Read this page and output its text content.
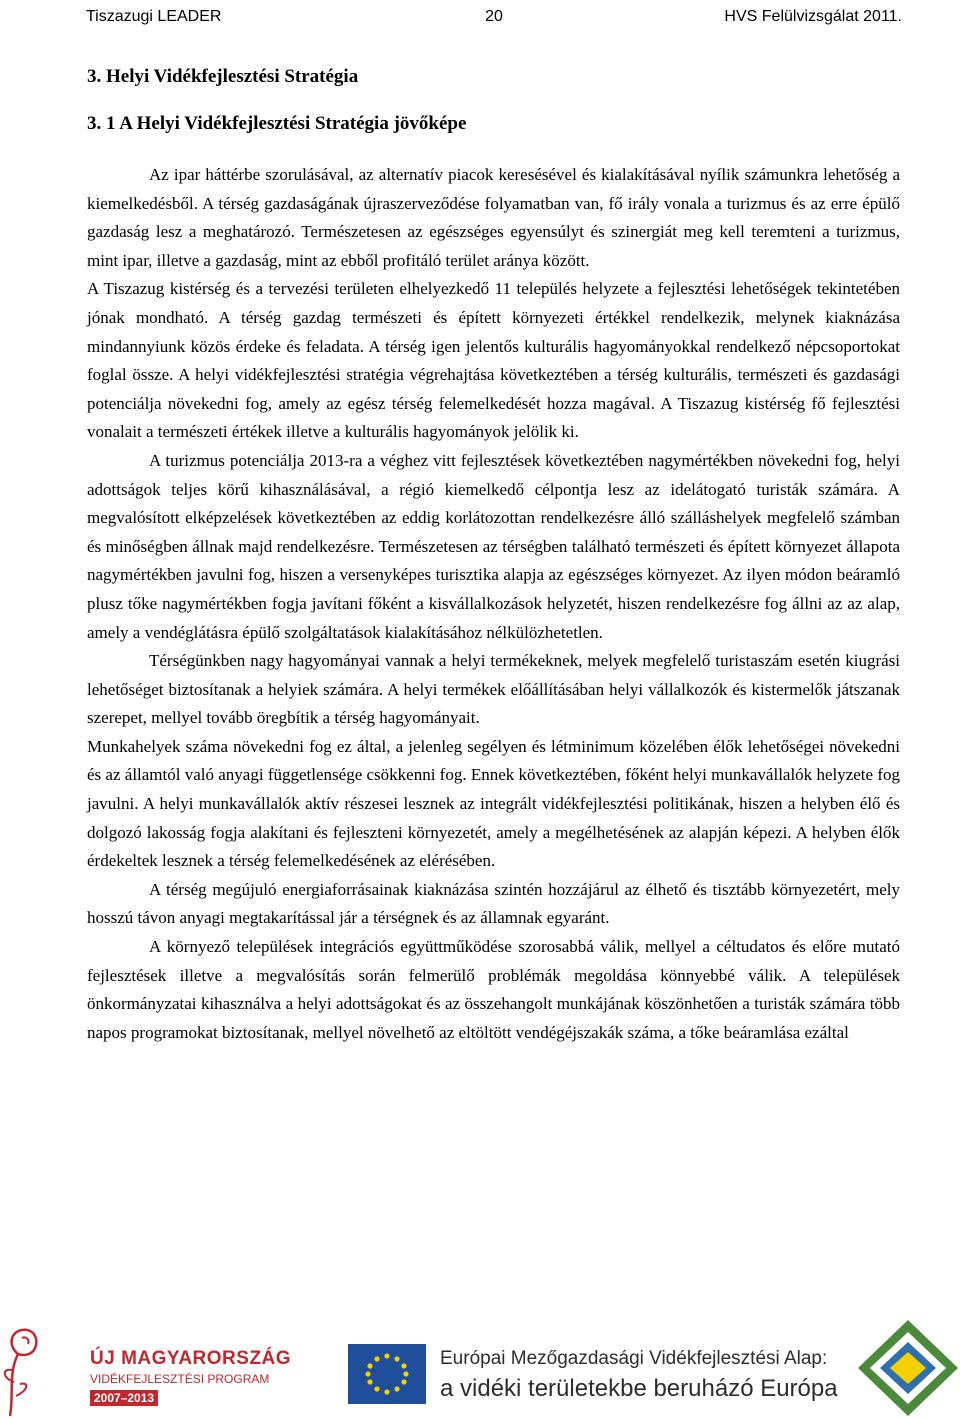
Tiszazugi LEADER	20	HVS Felülvizsgálat 2011.
3. Helyi Vidékfejlesztési Stratégia
3. 1 A Helyi Vidékfejlesztési Stratégia jövőképe

Az ipar háttérbe szorulásával, az alternatív piacok keresésével és kialakításával nyílik számunkra lehetőség a kiemelkedésből. A térség gazdaságának újraszerveződése folyamatban van, fő irály vonala a turizmus és az erre épülő gazdaság lesz a meghatározó. Természetesen az egészséges egyensúlyt és szinergiát meg kell teremteni a turizmus, mint ipar, illetve a gazdaság, mint az ebből profitáló terület aránya között.

A Tiszazug kistérség és a tervezési területen elhelyezkedő 11 település helyzete a fejlesztési lehetőségek tekintetében jónak mondható. A térség gazdag természeti és épített környezeti értékkel rendelkezik, melynek kiaknázása mindannyiunk közös érdeke és feladata. A térség igen jelentős kulturális hagyományokkal rendelkező népcsoportokat foglal össze. A helyi vidékfejlesztési stratégia végrehajtása következtében a térség kulturális, természeti és gazdasági potenciálja növekedni fog, amely az egész térség felemelkedését hozza magával. A Tiszazug kistérség fő fejlesztési vonalait a természeti értékek illetve a kulturális hagyományok jelölik ki.

A turizmus potenciálja 2013-ra a véghez vitt fejlesztések következtében nagymértékben növekedni fog, helyi adottságok teljes körű kihasználásával, a régió kiemelkedő célpontja lesz az idelátogató turisták számára. A megvalósított elképzelések következtében az eddig korlátozottan rendelkezésre álló szálláshelyek megfelelő számban és minőségben állnak majd rendelkezésre. Természetesen az térségben található természeti és épített környezet állapota nagymértékben javulni fog, hiszen a versenyképes turisztika alapja az egészséges környezet. Az ilyen módon beáramló plusz tőke nagymértékben fogja javítani főként a kisvállalkozások helyzetét, hiszen rendelkezésre fog állni az az alap, amely a vendéglátásra épülő szolgáltatások kialakításához nélkülözhetetlen.

Térségünkben nagy hagyományai vannak a helyi termékeknek, melyek megfelelő turistaszám esetén kiugrási lehetőséget biztosítanak a helyiek számára. A helyi termékek előállításában helyi vállalkozók és kistermelők játszanak szerepet, mellyel tovább öregbítik a térség hagyományait.

Munkahelyek száma növekedni fog ez által, a jelenleg segélyen és létminimum közelében élők lehetőségei növekedni és az államtól való anyagi függetlensége csökkenni fog. Ennek következtében, főként helyi munkavállalók helyzete fog javulni. A helyi munkavállalók aktív részesei lesznek az integrált vidékfejlesztési politikának, hiszen a helyben élő és dolgozó lakosság fogja alakítani és fejleszteni környezetét, amely a megélhetésének az alapján képezi. A helyben élők érdekeltek lesznek a térség felemelkedésének az elérésében.

A térség megújuló energiaforrásainak kiaknázása szintén hozzájárul az élhető és tisztább környezetért, mely hosszú távon anyagi megtakarítással jár a térségnek és az államnak egyaránt.

A környező települések integrációs együttműködése szorosabbá válik, mellyel a céltudatos és előre mutató fejlesztések illetve a megvalósítás során felmerülő problémák megoldása könnyebbé válik. A települések önkormányzatai kihasználva a helyi adottságokat és az összehangolt munkájának köszönhetően a turisták számára több napos programokat biztosítanak, mellyel növelhető az eltöltött vendégéjszakák száma, a tőke beáramlása ezáltal

ÚJ MAGYARORSZÁG
VIDÉKFEJLESZTÉSI PROGRAM
2007–2013
Európai Mezőgazdasági Vidékfejlesztési Alap:
a vidéki területekbe beruházó Európa
